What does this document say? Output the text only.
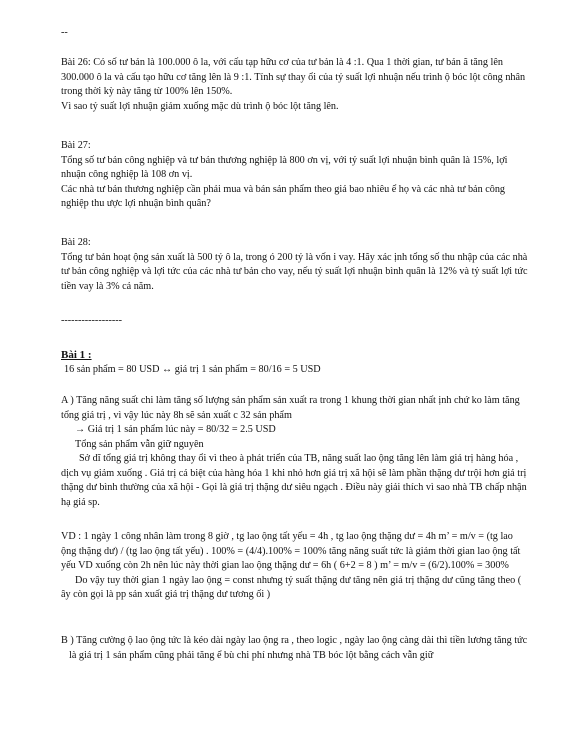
--

Bài 26: Có số tư bản là 100.000 ô la, với cấu tạp hữu cơ của tư bản là 4 :1. Qua 1 thời gian, tư bản ã tăng lên 300.000 ô la và cấu tạo hữu cơ tăng lên là 9 :1. Tính sự thay ổi của tỷ suất lợi nhuận nếu trình ộ bóc lột công nhân trong thời kỳ này tăng từ 100% lên 150%.

Vì sao tỷ suất lợi nhuận giảm xuống mặc dù trình ộ bóc lột tăng lên.

Bài 27:

Tổng số tư bản công nghiệp và tư bản thương nghiệp là 800 ơn vị, với tỷ suất lợi nhuận bình quân là 15%, lợi nhuận công nghiệp là 108 ơn vị.

Các nhà tư bản thương nghiệp cần phải mua và bán sản phẩm theo giá bao nhiêu ể họ và các nhà tư bản công nghiệp thu ược lợi nhuận bình quân?

Bài 28:

Tổng tư bản hoạt ộng sản xuất là 500 tỷ ô la, trong ó 200 tỷ là vốn i vay. Hãy xác ịnh tổng số thu nhập của các nhà tư bản công nghiệp và lợi tức của các nhà tư bản cho vay, nếu tỷ suất lợi nhuận bình quân là 12% và tỷ suất lợi tức tiền vay là 3% cả năm.

------------------

Bài 1 :

16 sản phẩm = 80 USD ↔ giá trị 1 sản phẩm = 80/16 = 5 USD

A ) Tăng năng suất chi làm tăng số lượng sản phẩm sản xuất ra trong 1 khung thời gian nhất ịnh chứ ko làm tăng tổng giá trị , vì vậy lúc này 8h sẽ sản xuất c 32 sản phẩm

→ Giá trị 1 sản phẩm lúc này = 80/32 = 2.5 USD

Tổng sản phẩm vẫn giữ nguyên

Sở dĩ tổng giá trị không thay ổi vì theo à phát triển của TB, năng suất lao ộng tăng lên làm giá trị hàng hóa , dịch vụ giảm xuống . Giá trị cá biệt của hàng hóa 1 khi nhỏ hơn giá trị xã hội sẽ làm phần thặng dư trội hơn giá trị thặng dư bình thường của xã hội - Gọi là giá trị thặng dư siêu ngạch . Điều này giải thích vì sao nhà TB chấp nhận hạ giá sp.

VD : 1 ngày 1 công nhân làm trong 8 giờ , tg lao ộng tất yếu = 4h , tg lao ộng thặng dư = 4h m’ = m/v = (tg lao ộng thặng dư) / (tg lao ộng tất yếu) . 100% = (4/4).100% = 100% tăng năng suất tức là giảm thời gian lao ộng tất yếu VD xuống còn 2h nên lúc này thời gian lao ộng thặng dư = 6h ( 6+2 = 8 ) m’ = m/v = (6/2).100% = 300%

Do vậy tuy thời gian 1 ngày lao ộng = const nhưng tỷ suất thặng dư tăng nên giá trị thặng dư cũng tăng theo ( ây còn gọi là pp sản xuất giá trị thặng dư tương ối )

B ) Tăng cường ộ lao ộng tức là kéo dài ngày lao ộng ra , theo logic , ngày lao ộng càng dài thì tiền lương tăng tức là giá trị 1 sản phẩm cũng phải tăng ể bù chi phí nhưng nhà TB bóc lột bằng cách vẫn giữ
